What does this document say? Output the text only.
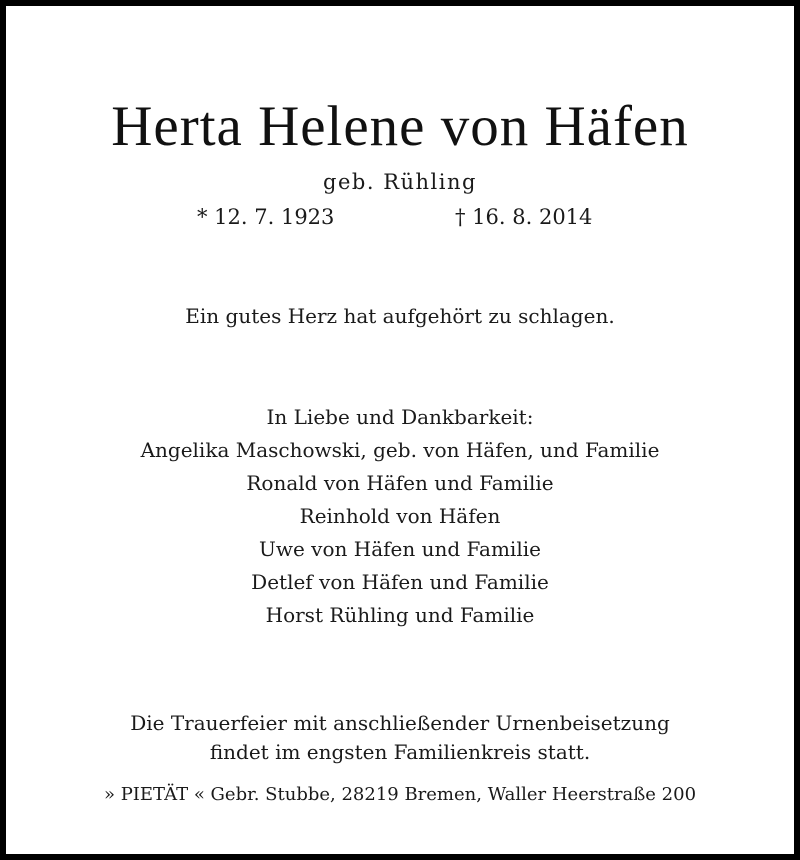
Herta Helene von Häfen
geb. Rühling
* 12. 7. 1923	† 16. 8. 2014
Ein gutes Herz hat aufgehört zu schlagen.
In Liebe und Dankbarkeit:
Angelika Maschowski, geb. von Häfen, und Familie
Ronald von Häfen und Familie
Reinhold von Häfen
Uwe von Häfen und Familie
Detlef von Häfen und Familie
Horst Rühling und Familie
Die Trauerfeier mit anschließender Urnenbeisetzung
findet im engsten Familienkreis statt.
» PIETÄT « Gebr. Stubbe, 28219 Bremen, Waller Heerstraße 200
